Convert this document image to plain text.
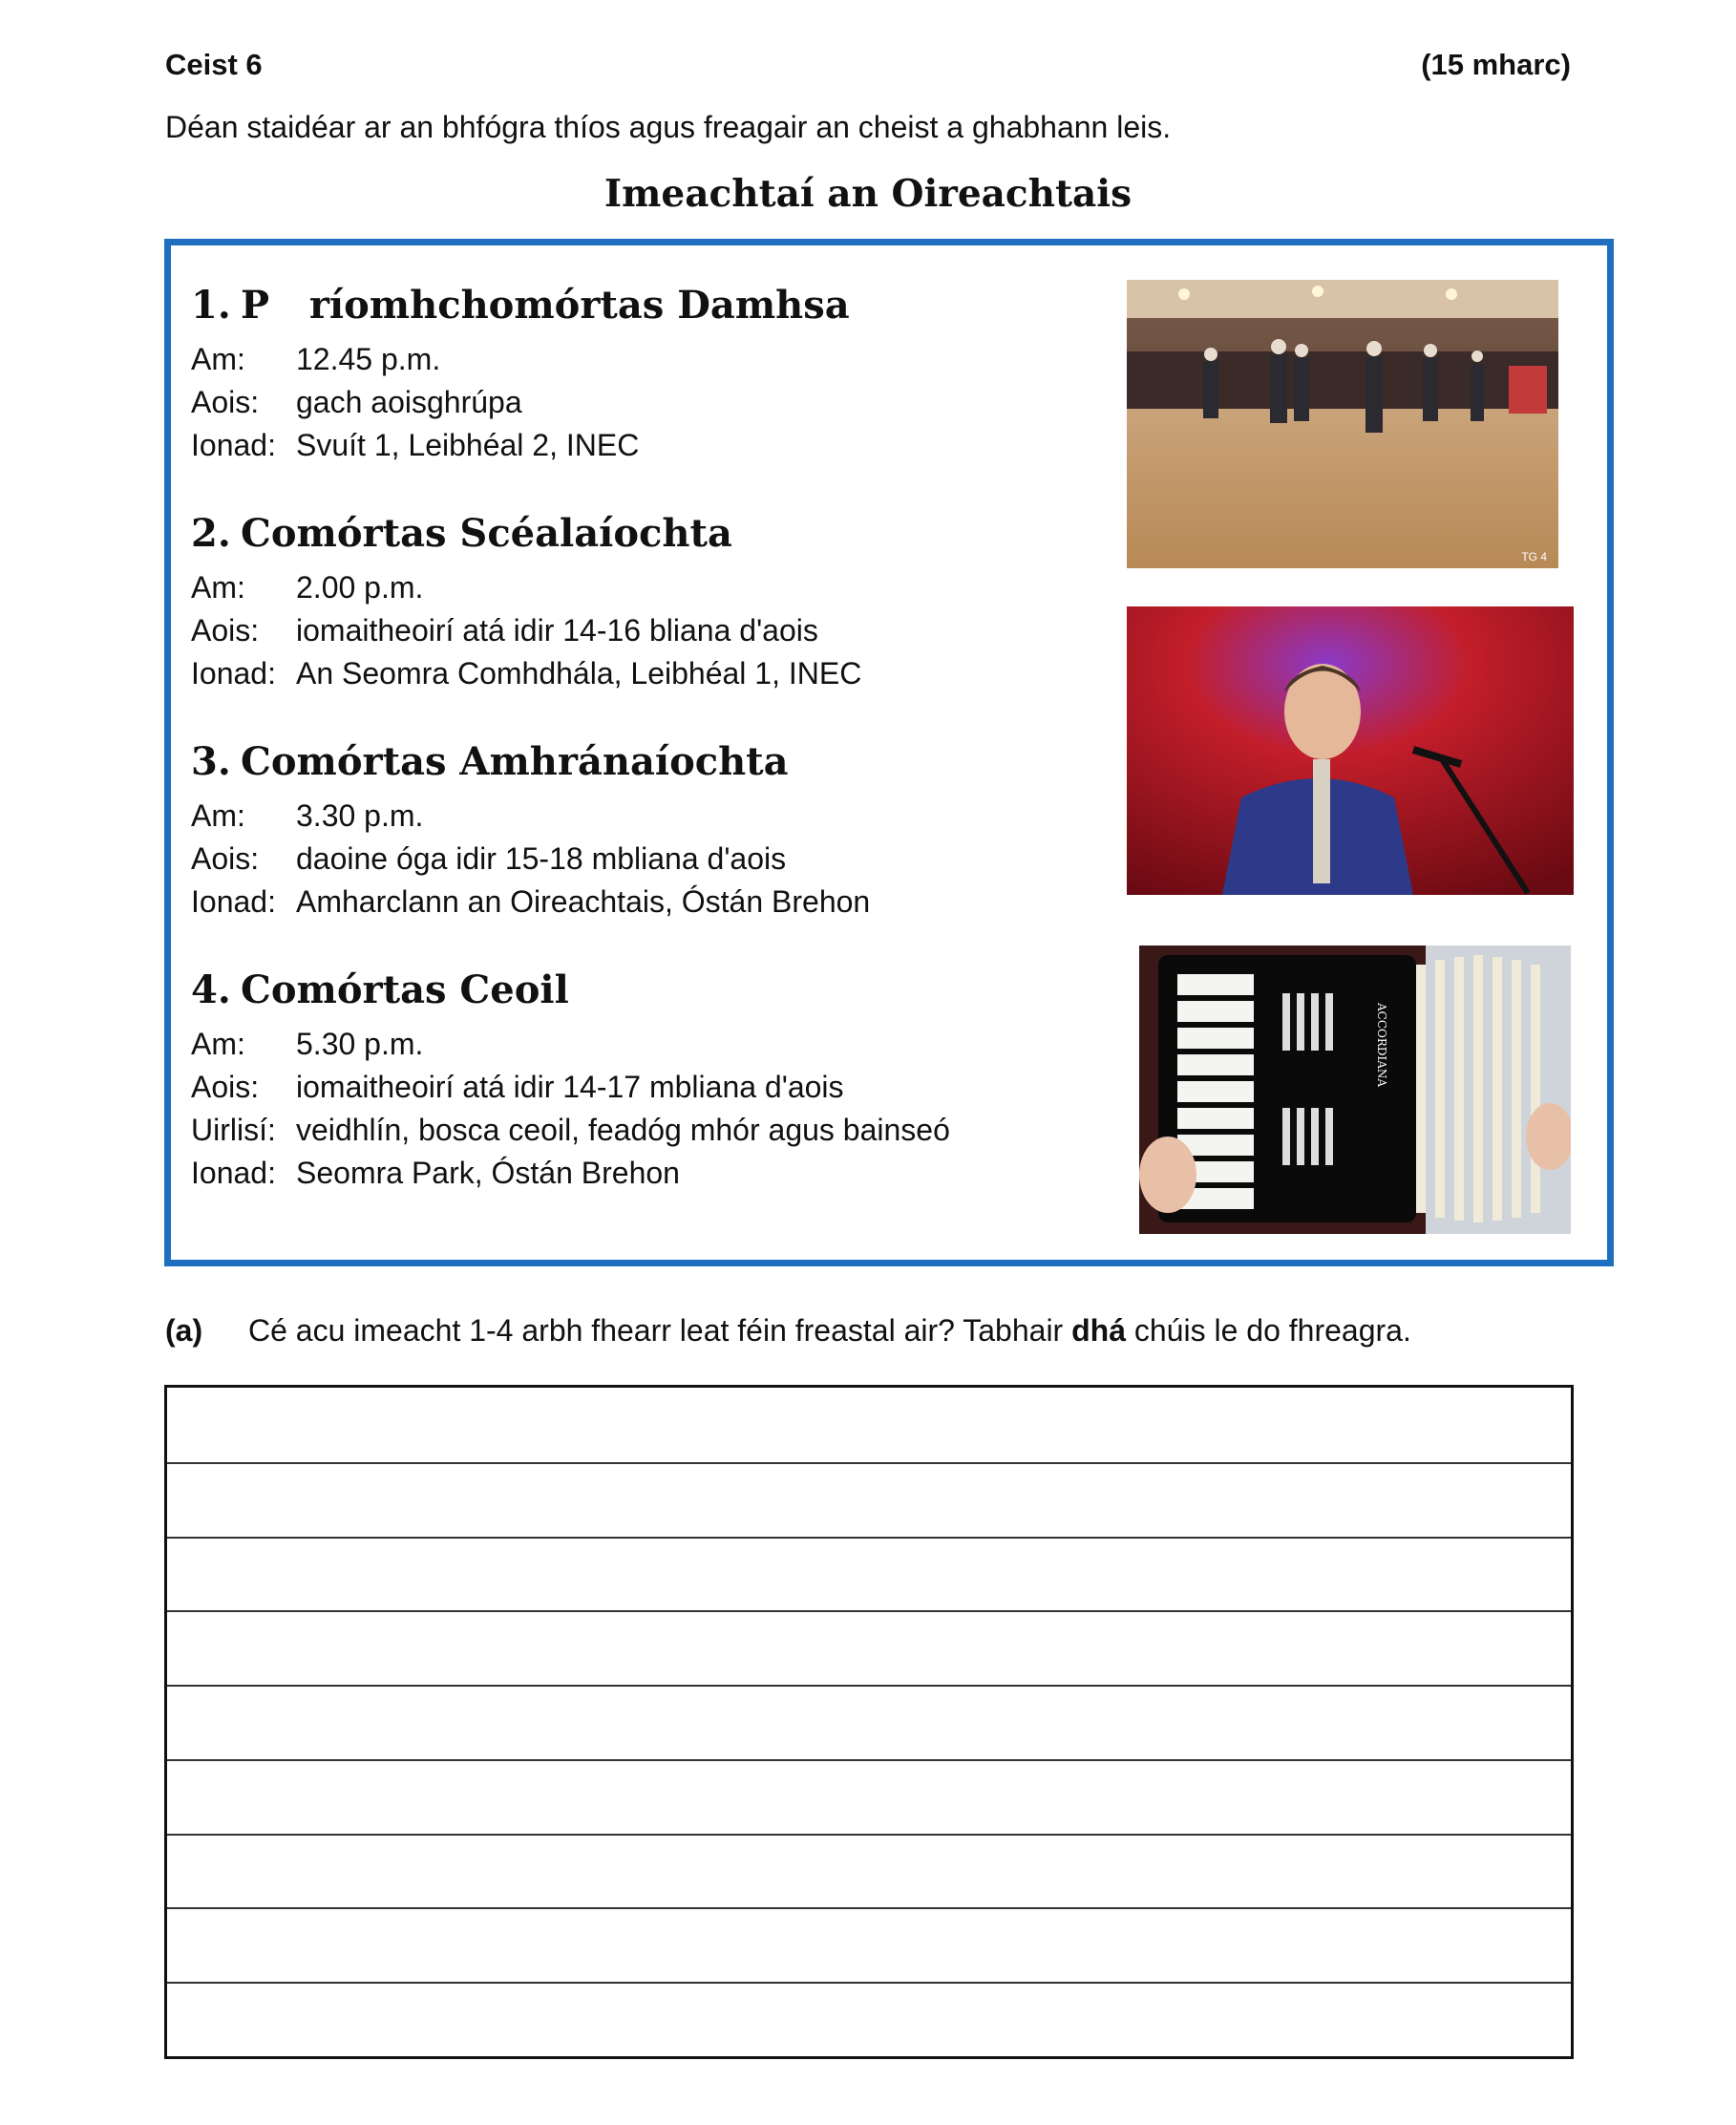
Ceist 6	(15 mharc)
Déan staidéar ar an bhfógra thíos agus freagair an cheist a ghabhann leis.
Imeachtaí an Oireachtais
1. P   ríomhchomórtas Damhsa
Am: 12.45 p.m.
Aois: gach aoisghrúpa
Ionad: Svuít 1, Leibhéal 2, INEC
2. Comórtas Scéalaíochta
Am: 2.00 p.m.
Aois: iomaitheoirí atá idir 14-16 bliana d'aois
Ionad: An Seomra Comhdhála, Leibhéal 1, INEC
3. Comórtas Amhránaíochta
Am: 3.30 p.m.
Aois: daoine óga idir 15-18 mbliana d'aois
Ionad: Amharclann an Oireachtais, Óstán Brehon
4. Comórtas Ceoil
Am: 5.30 p.m.
Aois: iomaitheoirí atá idir 14-17 mbliana d'aois
Uirlisí: veidhlín, bosca ceoil, feadóg mhór agus bainseó
Ionad: Seomra Park, Óstán Brehon
TG 4
ACCORDIANA
(a) Cé acu imeacht 1-4 arbh fhearr leat féin freastal air? Tabhair dhá chúis le do fhreagra.
